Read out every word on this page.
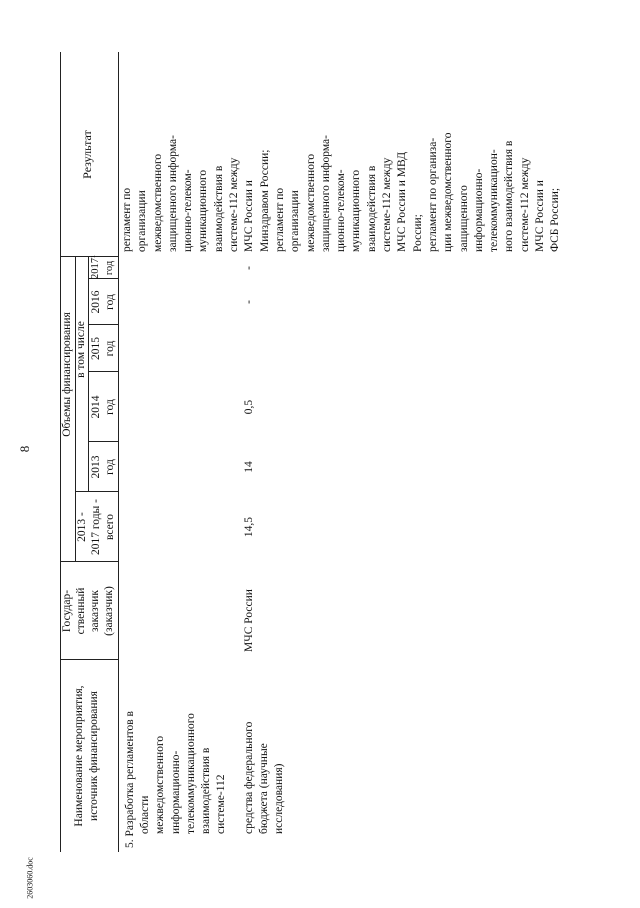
8
2603060.doc
Наименование мероприятия, источник финансирования
Государ- ственный заказчик (заказчик)
Объемы финансирования
2013 - 2017 годы - всего
в том числе
2013 год
2014 год
2015 год
2016 год
2017¹ год
Результат
5. Разработка регламентов в области межведомственного информационно- телекоммуникационного взаимодействия в системе-112 средства федерального бюджета (научные исследования)
МЧС России
14,5
14
0,5
-
-
регламент по организации межведомственного защищенного информа- ционно-телеком- муникационного взаимодействия в системе-112 между МЧС России и Минздравом России; регламент по организации межведомственного защищенного информа- ционно-телеком- муникационного взаимодействия в системе-112 между МЧС России и МВД России; регламент по организа- ции межведомственного защищенного информационно- телекоммуникацион- ного взаимодействия в системе-112 между МЧС России и ФСБ России;
